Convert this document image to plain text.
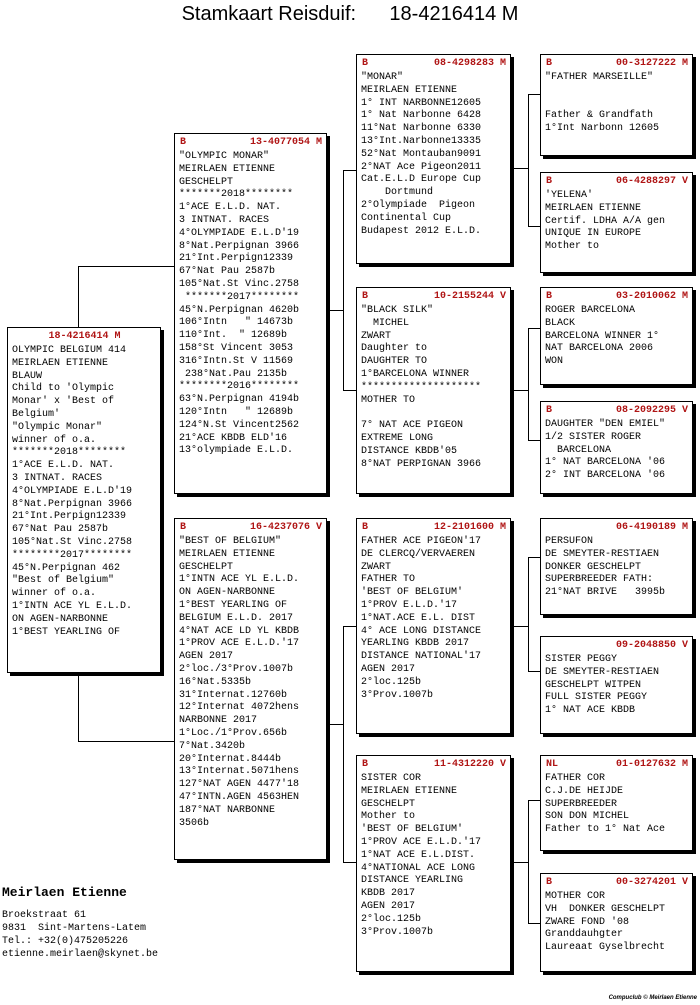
Stamkaart Reisduif:      18-4216414 M
18-4216414 M
OLYMPIC BELGIUM 414
MEIRLAEN ETIENNE
BLAUW
Child to 'Olympic
Monar' x 'Best of
Belgium'
"Olympic Monar"
winner of o.a.
*******2018********
1°ACE E.L.D. NAT.
3 INTNAT. RACES
4°OLYMPIADE E.L.D'19
8°Nat.Perpignan 3966
21°Int.Perpign12339
67°Nat Pau 2587b
105°Nat.St Vinc.2758
********2017********
45°N.Perpignan 462
"Best of Belgium"
winner of o.a.
1°INTN ACE YL E.L.D.
ON AGEN-NARBONNE
1°BEST YEARLING OF
B	13-4077054 M
"OLYMPIC MONAR"
MEIRLAEN ETIENNE
GESCHELPT
*******2018********
1°ACE E.L.D. NAT.
3 INTNAT. RACES
4°OLYMPIADE E.L.D'19
8°Nat.Perpignan 3966
21°Int.Perpign12339
67°Nat Pau 2587b
105°Nat.St Vinc.2758
*******2017********
45°N.Perpignan 4620b
106°Intn   " 14673b
110°Int.  " 12689b
158°St Vincent 3053
316°Intn.St V 11569
238°Nat.Pau 2135b
********2016********
63°N.Perpignan 4194b
120°Intn   " 12689b
124°N.St Vincent2562
21°ACE KBDB ELD'16
13°olympiade E.L.D.
B	16-4237076 V
"BEST OF BELGIUM"
MEIRLAEN ETIENNE
GESCHELPT
1°INTN ACE YL E.L.D.
ON AGEN-NARBONNE
1°BEST YEARLING OF
BELGIUM E.L.D. 2017
4°NAT ACE LD YL KBDB
1°PROV ACE E.L.D.'17
AGEN 2017
2°loc./3°Prov.1007b
16°Nat.5335b
31°Internat.12760b
12°Internat 4072hens
NARBONNE 2017
1°Loc./1°Prov.656b
7°Nat.3420b
20°Internat.8444b
13°Internat.5071hens
127°NAT AGEN 4477'18
47°INTN.AGEN 4563HEN
187°NAT NARBONNE
3506b
B	08-4298283 M
"MONAR"
MEIRLAEN ETIENNE
1° INT NARBONNE12605
1° Nat Narbonne 6428
11°Nat Narbonne 6330
13°Int.Narbonne13335
52°Nat Montauban9091
2°NAT Ace Pigeon2011
Cat.E.L.D Europe Cup
Dortmund
2°Olympiade  Pigeon
Continental Cup
Budapest 2012 E.L.D.
B	10-2155244 V
"BLACK SILK"
MICHEL
ZWART
Daughter to
DAUGHTER TO
1°BARCELONA WINNER
********************
MOTHER TO

7° NAT ACE PIGEON
EXTREME LONG
DISTANCE KBDB'05
8°NAT PERPIGNAN 3966
B	12-2101600 M
FATHER ACE PIGEON'17
DE CLERCQ/VERVAEREN
ZWART
FATHER TO
'BEST OF BELGIUM'
1°PROV E.L.D.'17
1°NAT.ACE E.L. DIST
4° ACE LONG DISTANCE
YEARLING KBDB 2017
DISTANCE NATIONAL'17
AGEN 2017
2°loc.125b
3°Prov.1007b
B	11-4312220 V
SISTER COR
MEIRLAEN ETIENNE
GESCHELPT
Mother to
'BEST OF BELGIUM'
1°PROV ACE E.L.D.'17
1°NAT ACE E.L.DIST.
4°NATIONAL ACE LONG
DISTANCE YEARLING
KBDB 2017
AGEN 2017
2°loc.125b
3°Prov.1007b
B	00-3127222 M
"FATHER MARSEILLE"

Father & Grandfath
1°Int Narbonn 12605
B	06-4288297 V
'YELENA'
MEIRLAEN ETIENNE
Certif. LDHA A/A gen
UNIQUE IN EUROPE
Mother to
B	03-2010062 M
ROGER BARCELONA
BLACK
BARCELONA WINNER 1°
NAT BARCELONA 2006
WON
B	08-2092295 V
DAUGHTER "DEN EMIEL"
1/2 SISTER ROGER
BARCELONA
1° NAT BARCELONA '06
2° INT BARCELONA '06
06-4190189 M
PERSUFON
DE SMEYTER-RESTIAEN
DONKER GESCHELPT
SUPERBREEDER FATH:
21°NAT BRIVE   3995b
09-2048850 V
SISTER PEGGY
DE SMEYTER-RESTIAEN
GESCHELPT WITPEN
FULL SISTER PEGGY
1° NAT ACE KBDB
NL	01-0127632 M
FATHER COR
C.J.DE HEIJDE
SUPERBREEDER
SON DON MICHEL
Father to 1° Nat Ace
B	00-3274201 V
MOTHER COR
VH  DONKER GESCHELPT
ZWARE FOND '08
Granddauhgter
Laureaat Gyselbrecht
Meirlaen Etienne
Broekstraat 61
9831  Sint-Martens-Latem
Tel.: +32(0)475205226
etienne.meirlaen@skynet.be
Compuclub © Meirlaen Etienne
